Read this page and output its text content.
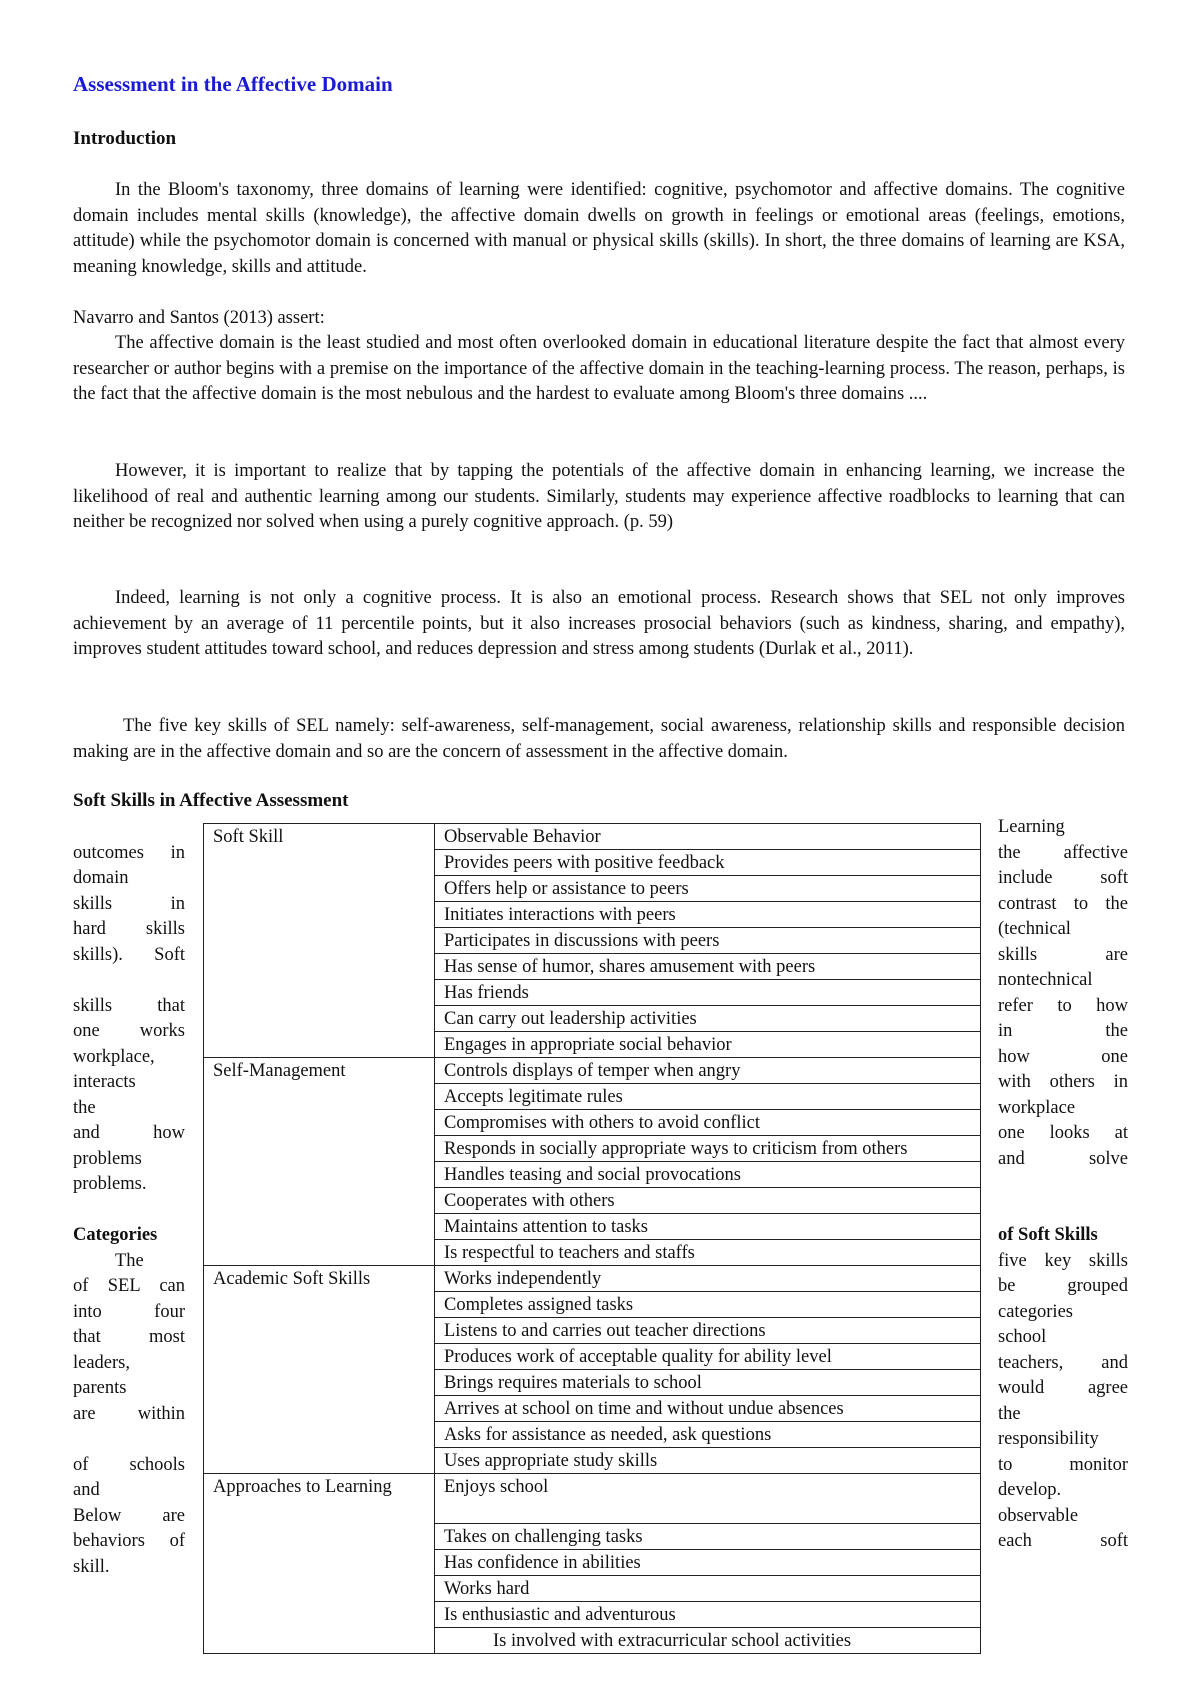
Assessment in the Affective Domain
Introduction

In the Bloom's taxonomy, three domains of learning were identified: cognitive, psychomotor and affective domains. The cognitive domain includes mental skills (knowledge), the affective domain dwells on growth in feelings or emotional areas (feelings, emotions, attitude) while the psychomotor domain is concerned with manual or physical skills (skills). In short, the three domains of learning are KSA, meaning knowledge, skills and attitude.

Navarro and Santos (2013) assert:

The affective domain is the least studied and most often overlooked domain in educational literature despite the fact that almost every researcher or author begins with a premise on the importance of the affective domain in the teaching-learning process. The reason, perhaps, is the fact that the affective domain is the most nebulous and the hardest to evaluate among Bloom's three domains ....

However, it is important to realize that by tapping the potentials of the affective domain in enhancing learning, we increase the likelihood of real and authentic learning among our students. Similarly, students may experience affective roadblocks to learning that can neither be recognized nor solved when using a purely cognitive approach. (p. 59)

Indeed, learning is not only a cognitive process. It is also an emotional process. Research shows that SEL not only improves achievement by an average of 11 percentile points, but it also increases prosocial behaviors (such as kindness, sharing, and empathy), improves student attitudes toward school, and reduces depression and stress among students (Durlak et al., 2011).

The five key skills of SEL namely: self-awareness, self-management, social awareness, relationship skills and responsible decision making are in the affective domain and so are the concern of assessment in the affective domain.

Soft Skills in Affective Assessment

outcomes in
domain
skills in
hard skills
skills). Soft

skills that
one works
workplace,
interacts
the
and how
problems
problems.

Categories
The
of SEL can
into four
that most
leaders,
parents
are within

of schools
and
Below are
behaviors of
skill.
Learning
the affective
include soft
contrast to the
(technical
skills are
nontechnical
refer to how
in the
how one
with others in
workplace
one looks at
and solve

of Soft Skills
five key skills
be grouped
categories
school
teachers, and
would agree
the
responsibility
to monitor
develop.
observable
each soft
Soft Skill	Observable Behavior
	Provides peers with positive feedback
	Offers help or assistance to peers
	Initiates interactions with peers
	Participates in discussions with peers
	Has sense of humor, shares amusement with peers
	Has friends
	Can carry out leadership activities
	Engages in appropriate social behavior
Self-Management	Controls displays of temper when angry
	Accepts legitimate rules
	Compromises with others to avoid conflict
	Responds in socially appropriate ways to criticism from others
	Handles teasing and social provocations
	Cooperates with others
	Maintains attention to tasks
	Is respectful to teachers and staffs
Academic Soft Skills	Works independently
	Completes assigned tasks
	Listens to and carries out teacher directions
	Produces work of acceptable quality for ability level
	Brings requires materials to school
	Arrives at school on time and without undue absences
	Asks for assistance as needed, ask questions
	Uses appropriate study skills
Approaches to Learning	Enjoys school
	Takes on challenging tasks
	Has confidence in abilities
	Works hard
	Is enthusiastic and adventurous
	Is involved with extracurricular school activities
